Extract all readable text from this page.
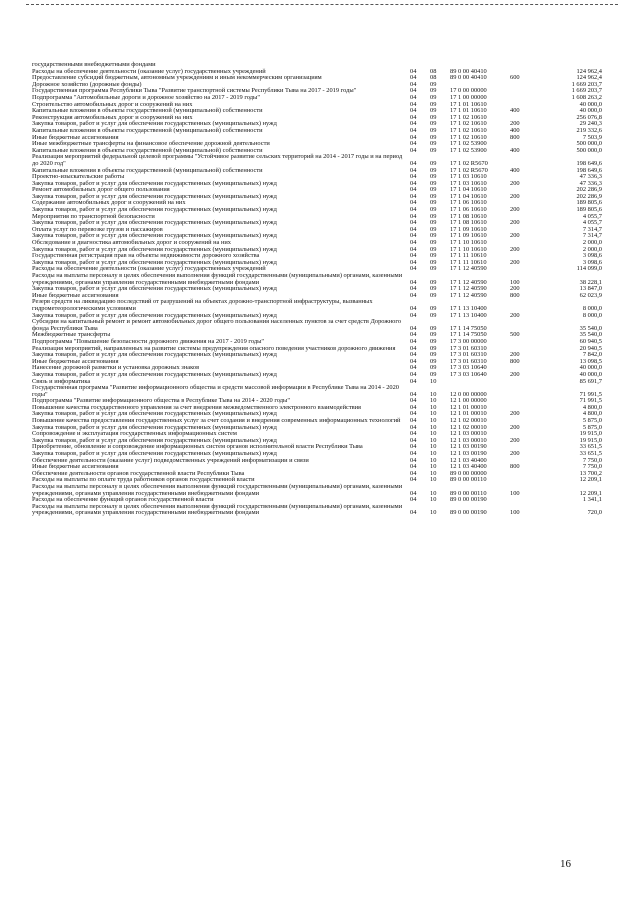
государственными внебюджетными фондами					
Расходы на обеспечение деятельности (оказание услуг) государственных учреждений	04	08	89 0 00 40410		124 962,4
Предоставление субсидий бюджетным, автономным учреждениям и иным некоммерческим организациям	04	08	89 0 00 40410	600	124 962,4
Дорожное хозяйство (дорожные фонды)	04	09			1 669 203,7
Государственная программа Республики Тыва "Развитие транспортной системы Республики Тыва на 2017 - 2019 годы"	04	09	17 0 00 00000		1 669 203,7
Подпрограмма "Автомобильные дороги и дорожное хозяйство на 2017 - 2019 годы"	04	09	17 1 00 00000		1 608 263,2
Строительство автомобильных дорог и сооружений на них	04	09	17 1 01 10610		40 000,0
Капитальные вложения в объекты государственной (муниципальной) собственности	04	09	17 1 01 10610	400	40 000,0
Реконструкция автомобильных дорог и сооружений на них	04	09	17 1 02 10610		256 076,8
Закупка товаров, работ и услуг для обеспечения государственных (муниципальных) нужд	04	09	17 1 02 10610	200	29 240,3
Капитальные вложения в объекты государственной (муниципальной) собственности	04	09	17 1 02 10610	400	219 332,6
Иные бюджетные ассигнования	04	09	17 1 02 10610	800	7 503,9
Иные межбюджетные трансферты на финансовое обеспечение дорожной деятельности	04	09	17 1 02 53900		500 000,0
Капитальные вложения в объекты государственной (муниципальной) собственности	04	09	17 1 02 53900	400	500 000,0
Реализация мероприятий федеральной целевой программы "Устойчивое развитие сельских территорий на 2014 - 2017 годы и на период до 2020 год"	04	09	17 1 02 R5670		198 649,6
Капитальные вложения в объекты государственной (муниципальной) собственности	04	09	17 1 02 R5670	400	198 649,6
Проектно-изыскательские работы	04	09	17 1 03 10610		47 336,3
Закупка товаров, работ и услуг для обеспечения государственных (муниципальных) нужд	04	09	17 1 03 10610	200	47 336,3
Ремонт автомобильных дорог общего пользования	04	09	17 1 04 10610		202 286,9
Закупка товаров, работ и услуг для обеспечения государственных (муниципальных) нужд	04	09	17 1 04 10610	200	202 286,9
Содержание автомобильных дорог и сооружений на них	04	09	17 1 06 10610		189 805,6
Закупка товаров, работ и услуг для обеспечения государственных (муниципальных) нужд	04	09	17 1 06 10610	200	189 805,6
Мероприятия по транспортной безопасности	04	09	17 1 08 10610		4 055,7
Закупка товаров, работ и услуг для обеспечения государственных (муниципальных) нужд	04	09	17 1 08 10610	200	4 055,7
Оплата услуг по перевозке грузов и пассажиров	04	09	17 1 09 10610		7 314,7
Закупка товаров, работ и услуг для обеспечения государственных (муниципальных) нужд	04	09	17 1 09 10610	200	7 314,7
Обследование и диагностика автомобильных дорог и сооружений на них	04	09	17 1 10 10610		2 000,0
Закупка товаров, работ и услуг для обеспечения государственных (муниципальных) нужд	04	09	17 1 10 10610	200	2 000,0
Государственная регистрация прав на объекты недвижимости дорожного хозяйства	04	09	17 1 11 10610		3 098,6
Закупка товаров, работ и услуг для обеспечения государственных (муниципальных) нужд	04	09	17 1 11 10610	200	3 098,6
Расходы на обеспечение деятельности (оказание услуг) государственных учреждений	04	09	17 1 12 40590		114 099,0
Расходы на выплаты персоналу в целях обеспечения выполнения функций государственными (муниципальными) органами, казенными учреждениями, органами управления государственными внебюджетными фондами	04	09	17 1 12 40590	100	38 228,1
Закупка товаров, работ и услуг для обеспечения государственных (муниципальных) нужд	04	09	17 1 12 40590	200	13 847,0
Иные бюджетные ассигнования	04	09	17 1 12 40590	800	62 023,9
Резерв средств на ликвидацию последствий от разрушений на объектах дорожно-транспортной инфраструктуры, вызванных гидрометеорологическими условиями	04	09	17 1 13 10400		8 000,0
Закупка товаров, работ и услуг для обеспечения государственных (муниципальных) нужд	04	09	17 1 13 10400	200	8 000,0
Субсидии на капитальный ремонт и ремонт автомобильных дорог общего пользования населенных пунктов за счет средств Дорожного фонда Республики Тыва	04	09	17 1 14 75050		35 540,0
Межбюджетные трансферты	04	09	17 1 14 75050	500	35 540,0
Подпрограмма "Повышение безопасности дорожного движения на 2017 - 2019 годы"	04	09	17 3 00 00000		60 940,5
Реализация мероприятий, направленных на развитие системы предупреждения опасного поведения участников дорожного движения	04	09	17 3 01 60310		20 940,5
Закупка товаров, работ и услуг для обеспечения государственных (муниципальных) нужд	04	09	17 3 01 60310	200	7 842,0
Иные бюджетные ассигнования	04	09	17 3 01 60310	800	13 098,5
Нанесение дорожной разметки и установка дорожных знаков	04	09	17 3 03 10640		40 000,0
Закупка товаров, работ и услуг для обеспечения государственных (муниципальных) нужд	04	09	17 3 03 10640	200	40 000,0
Связь и информатика	04	10			85 691,7
Государственная программа "Развитие информационного общества и средств массовой информации в Республике Тыва на 2014 - 2020 годы"	04	10	12 0 00 00000		71 991,5
Подпрограмма "Развитие информационного общества в Республике Тыва на 2014 - 2020 годы"	04	10	12 1 00 00000		71 991,5
Повышение качества государственного управления за счет внедрения межведомственного электронного взаимодействия	04	10	12 1 01 00010		4 800,0
Закупка товаров, работ и услуг для обеспечения государственных (муниципальных) нужд	04	10	12 1 01 00010	200	4 800,0
Повышение качества предоставления государственных услуг за счет создания и внедрения современных информационных технологий	04	10	12 1 02 00010		5 875,0
Закупка товаров, работ и услуг для обеспечения государственных (муниципальных) нужд	04	10	12 1 02 00010	200	5 875,0
Сопровождение и эксплуатация государственных информационных систем	04	10	12 1 03 00010		19 915,0
Закупка товаров, работ и услуг для обеспечения государственных (муниципальных) нужд	04	10	12 1 03 00010	200	19 915,0
Приобретение, обновление и сопровождение информационных систем органов исполнительной власти Республики Тыва	04	10	12 1 03 00190		33 651,5
Закупка товаров, работ и услуг для обеспечения государственных (муниципальных) нужд	04	10	12 1 03 00190	200	33 651,5
Обеспечение деятельности (оказание услуг) подведомственных учреждений информатизации и связи	04	10	12 1 03 40400		7 750,0
Иные бюджетные ассигнования	04	10	12 1 03 40400	800	7 750,0
Обеспечение деятельности органов государственной власти Республики Тыва	04	10	89 0 00 00000		13 700,2
Расходы на выплаты по оплате труда работников органов государственной власти	04	10	89 0 00 00110		12 209,1
Расходы на выплаты персоналу в целях обеспечения выполнения функций государственными (муниципальными) органами, казенными учреждениями, органами управления государственными внебюджетными фондами	04	10	89 0 00 00110	100	12 209,1
Расходы на обеспечение функций органов государственной власти	04	10	89 0 00 00190		1 341,1
Расходы на выплаты персоналу в целях обеспечения выполнения функций государственными (муниципальными) органами, казенными учреждениями, органами управления государственными внебюджетными фондами	04	10	89 0 00 00190	100	720,0
16
